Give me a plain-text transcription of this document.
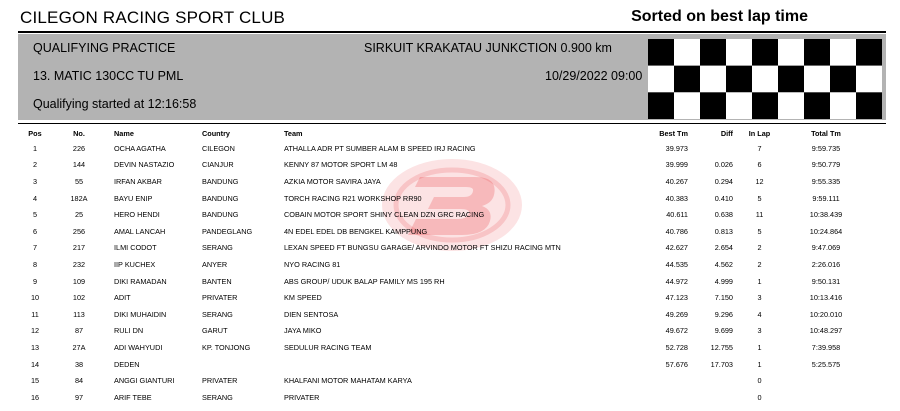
CILEGON RACING SPORT CLUB	Sorted on best lap time
QUALIFYING PRACTICE	SIRKUIT KRAKATAU JUNKCTION 0.900 km
13. MATIC 130CC TU PML	10/29/2022 09:00
Qualifying started at 12:16:58
Pos	No.	Name	Country	Team	Best Tm	Diff	In Lap	Total Tm
1	226	OCHA AGATHA	CILEGON	ATHALLA ADR PT SUMBER ALAM B SPEED IRJ RACING	39.973		7	9:59.735
2	144	DEVIN NASTAZIO	CIANJUR	KENNY 87 MOTOR SPORT LM 48	39.999	0.026	6	9:50.779
3	55	IRFAN AKBAR	BANDUNG	AZKIA MOTOR SAVIRA JAYA	40.267	0.294	12	9:55.335
4	182A	BAYU ENIP	BANDUNG	TORCH RACING R21 WORKSHOP RR90	40.383	0.410	5	9:59.111
5	25	HERO HENDI	BANDUNG	COBAIN MOTOR SPORT SHINY CLEAN DZN GRC RACING	40.611	0.638	11	10:38.439
6	256	AMAL LANCAH	PANDEGLANG	4N EDEL EDEL DB BENGKEL KAMPPUNG	40.786	0.813	5	10:24.864
7	217	ILMI CODOT	SERANG	LEXAN SPEED FT BUNGSU GARAGE/ ARVINDO MOTOR FT SHIZU RACING MTN	42.627	2.654	2	9:47.069
8	232	IIP KUCHEX	ANYER	NYO RACING 81	44.535	4.562	2	2:26.016
9	109	DIKI RAMADAN	BANTEN	ABS GROUP/ UDUK BALAP FAMILY MS 195 RH	44.972	4.999	1	9:50.131
10	102	ADIT	PRIVATER	KM SPEED	47.123	7.150	3	10:13.416
11	113	DIKI MUHAIDIN	SERANG	DIEN SENTOSA	49.269	9.296	4	10:20.010
12	87	RULI DN	GARUT	JAYA MIKO	49.672	9.699	3	10:48.297
13	27A	ADI WAHYUDI	KP. TONJONG	SEDULUR RACING TEAM	52.728	12.755	1	7:39.958
14	38	DEDEN			57.676	17.703	1	5:25.575
15	84	ANGGI GIANTURI	PRIVATER	KHALFANI MOTOR MAHATAM KARYA			0	
16	97	ARIF TEBE	SERANG	PRIVATER			0	
